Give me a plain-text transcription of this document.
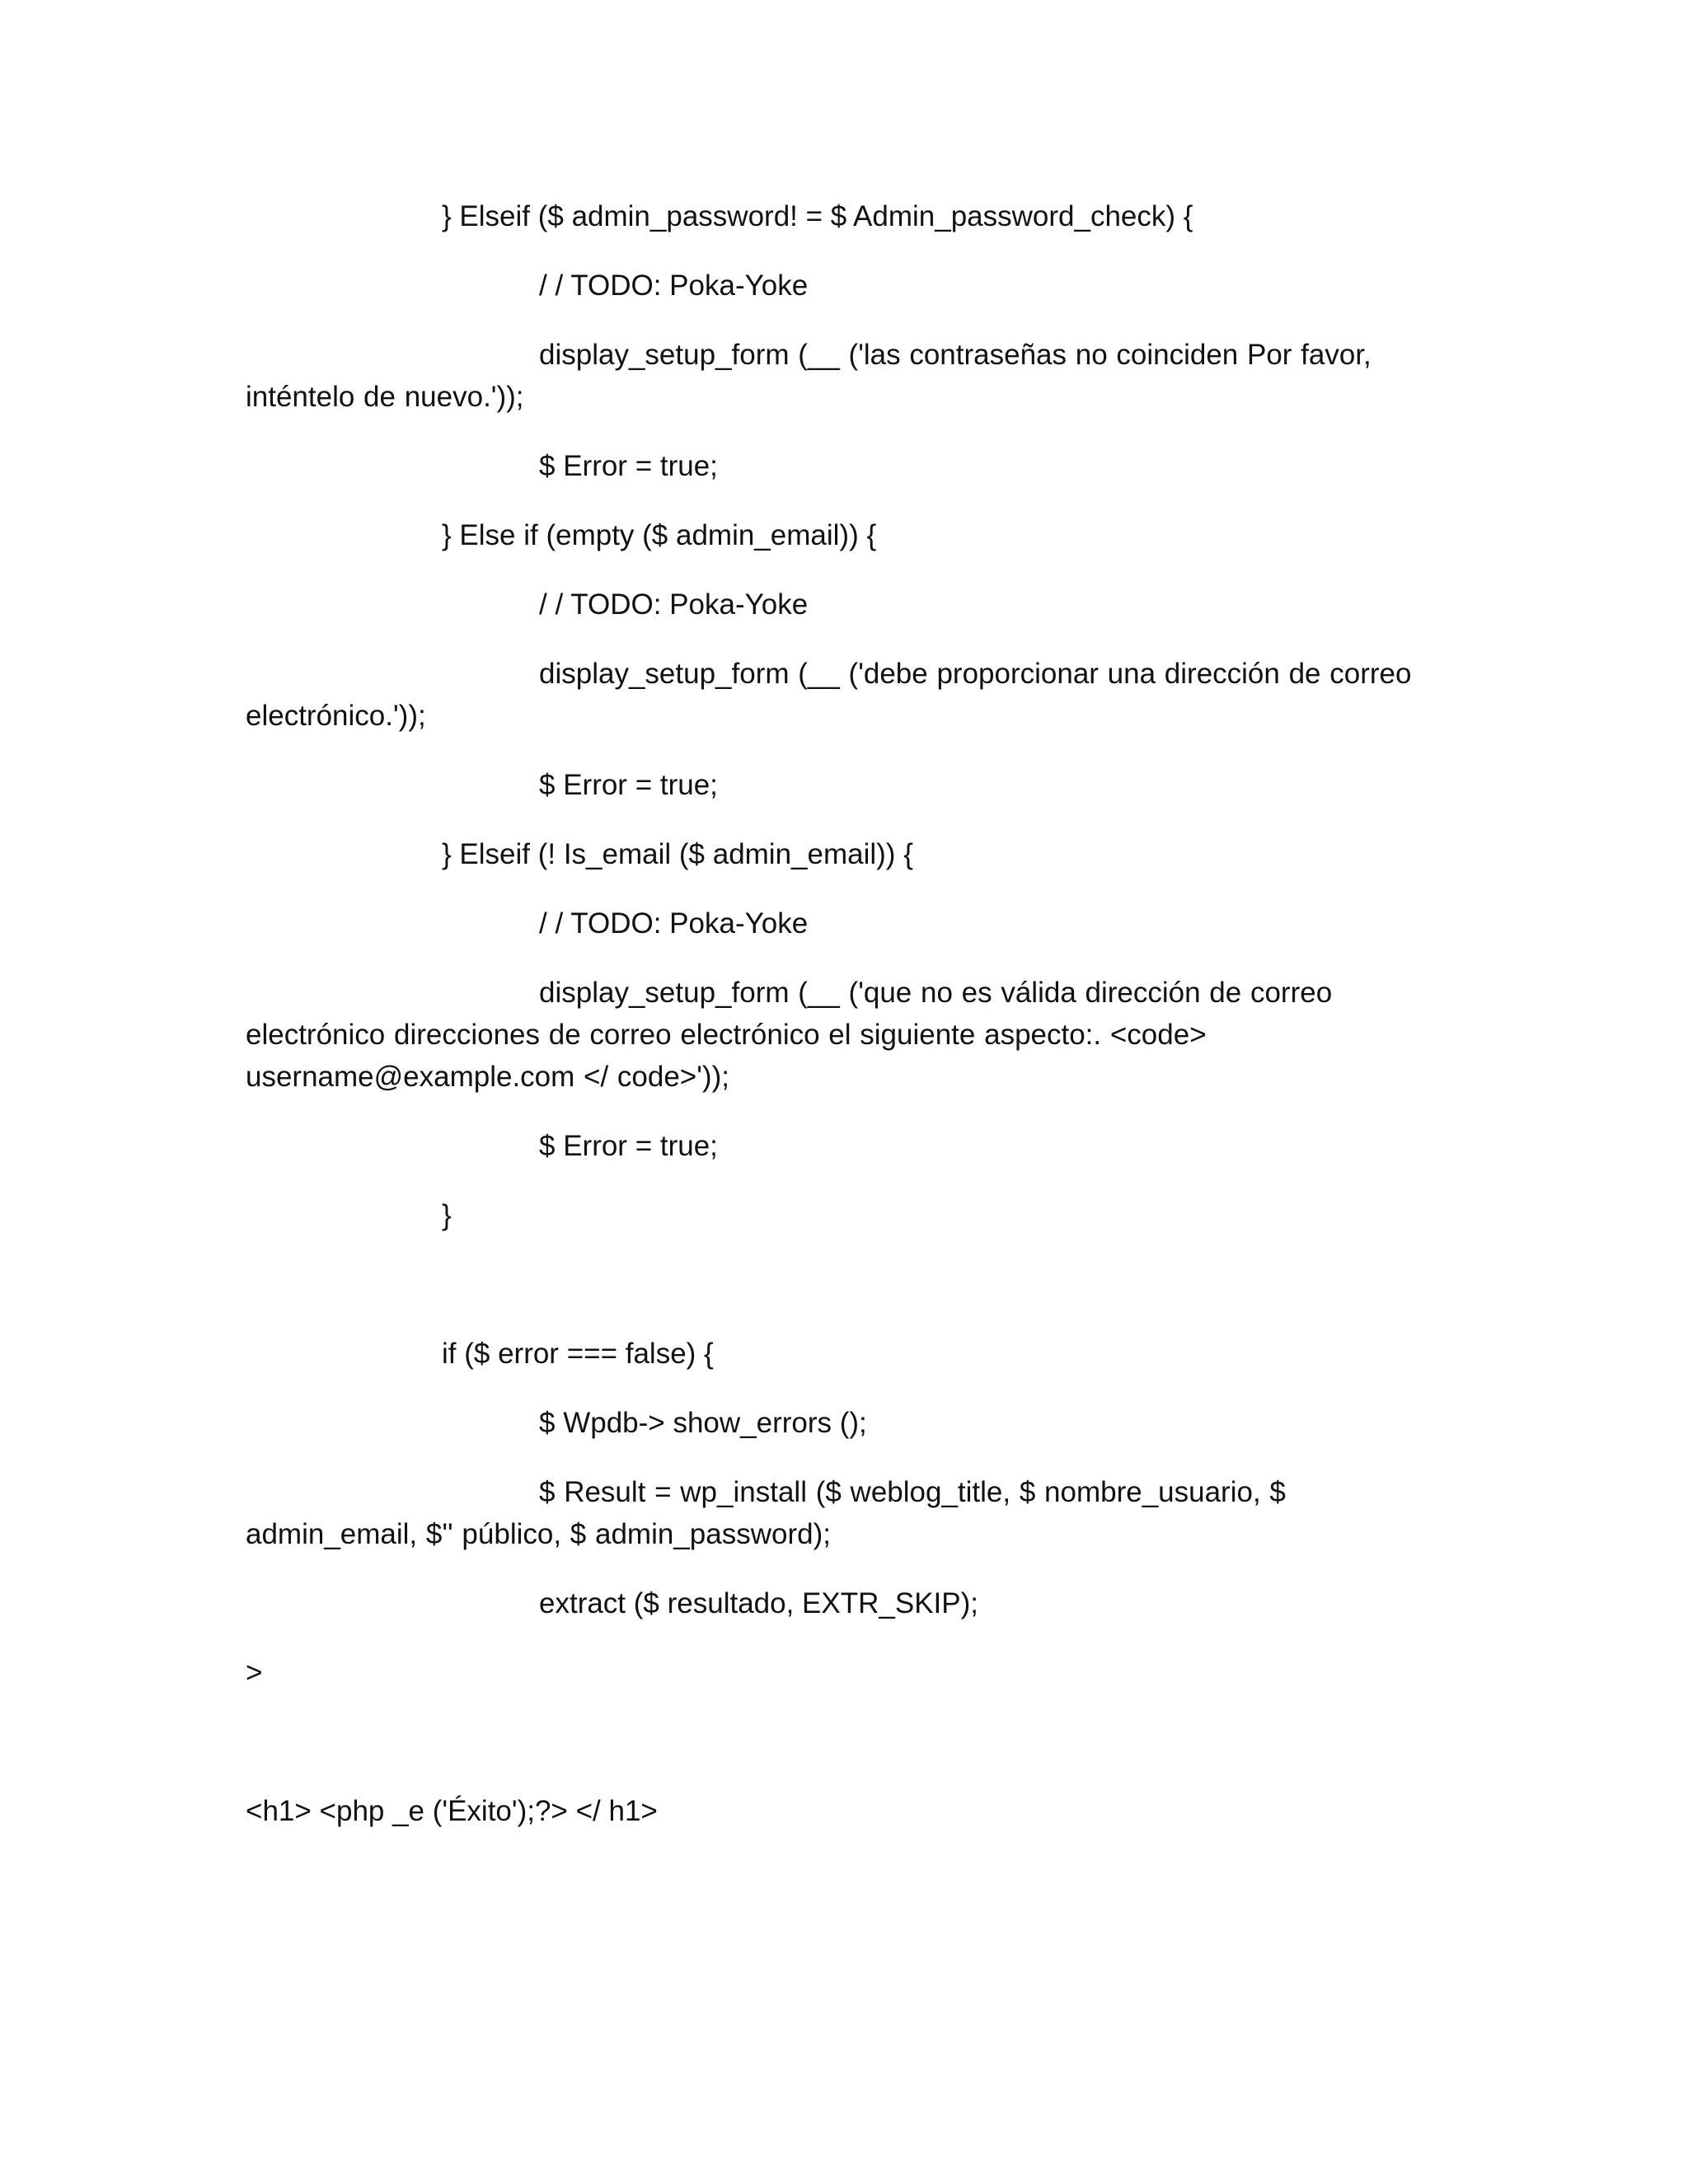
} Elseif ($ admin_password! = $ Admin_password_check) {

/ / TODO: Poka-Yoke

display_setup_form (__ ('las contraseñas no coinciden Por favor, inténtelo de nuevo.'));

$ Error = true;

} Else if (empty ($ admin_email)) {

/ / TODO: Poka-Yoke

display_setup_form (__ ('debe proporcionar una dirección de correo electrónico.'));

$ Error = true;

} Elseif (! Is_email ($ admin_email)) {

/ / TODO: Poka-Yoke

display_setup_form (__ ('que no es válida dirección de correo electrónico direcciones de correo electrónico el siguiente aspecto:. <code> username@example.com </ code>'));

$ Error = true;

}

if ($ error === false) {

$ Wpdb-> show_errors ();

$ Result = wp_install ($ weblog_title, $ nombre_usuario, $ admin_email, $'' público, $ admin_password);

extract ($ resultado, EXTR_SKIP);

>

<h1> <php _e ('Éxito');?> </ h1>
